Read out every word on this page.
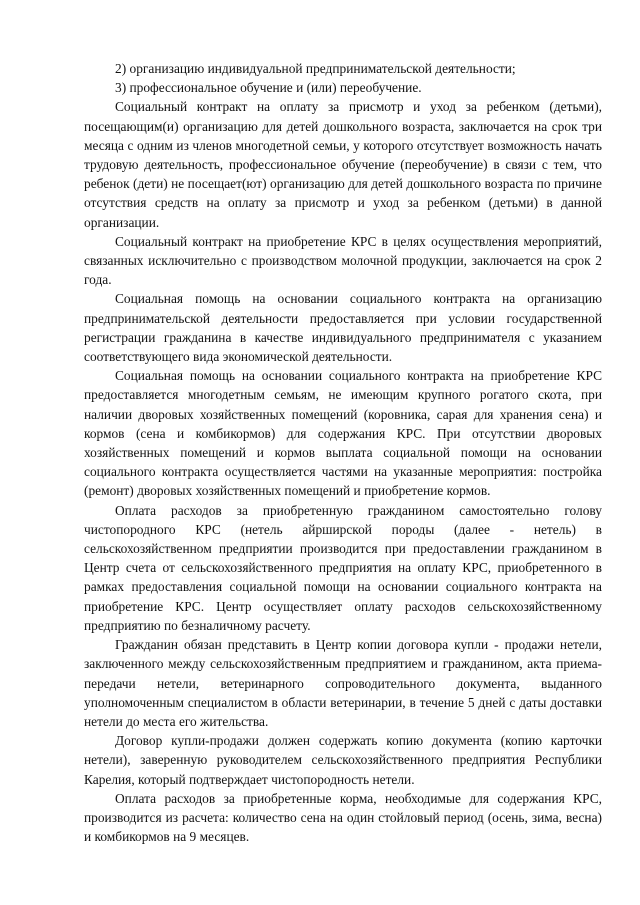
2) организацию индивидуальной предпринимательской деятельности;

3) профессиональное обучение и (или) переобучение.

Социальный контракт на оплату за присмотр и уход за ребенком (детьми), посещающим(и) организацию для детей дошкольного возраста, заключается на срок три месяца с одним из членов многодетной семьи, у которого отсутствует возможность начать трудовую деятельность, профессиональное обучение (переобучение) в связи с тем, что ребенок (дети) не посещает(ют) организацию для детей дошкольного возраста по причине отсутствия средств на оплату за присмотр и уход за ребенком (детьми) в данной организации.

Социальный контракт на приобретение КРС в целях осуществления мероприятий, связанных исключительно с производством молочной продукции, заключается на срок 2 года.

Социальная помощь на основании социального контракта на организацию предпринимательской деятельности предоставляется при условии государственной регистрации гражданина в качестве индивидуального предпринимателя с указанием соответствующего вида экономической деятельности.

Социальная помощь на основании социального контракта на приобретение КРС предоставляется многодетным семьям, не имеющим крупного рогатого скота, при наличии дворовых хозяйственных помещений (коровника, сарая для хранения сена) и кормов (сена и комбикормов) для содержания КРС. При отсутствии дворовых хозяйственных помещений и кормов выплата социальной помощи на основании социального контракта осуществляется частями на указанные мероприятия: постройка (ремонт) дворовых хозяйственных помещений и приобретение кормов.

Оплата расходов за приобретенную гражданином самостоятельно голову чистопородного КРС (нетель айрширской породы (далее - нетель) в сельскохозяйственном предприятии производится при предоставлении гражданином в Центр счета от сельскохозяйственного предприятия на оплату КРС, приобретенного в рамках предоставления социальной помощи на основании социального контракта на приобретение КРС. Центр осуществляет оплату расходов сельскохозяйственному предприятию по безналичному расчету.

Гражданин обязан представить в Центр копии договора купли - продажи нетели, заключенного между сельскохозяйственным предприятием и гражданином, акта приема-передачи нетели, ветеринарного сопроводительного документа, выданного уполномоченным специалистом в области ветеринарии, в течение 5 дней с даты доставки нетели до места его жительства.

Договор купли-продажи должен содержать копию документа (копию карточки нетели), заверенную руководителем сельскохозяйственного предприятия Республики Карелия, который подтверждает чистопородность нетели.

Оплата расходов за приобретенные корма, необходимые для содержания КРС, производится из расчета: количество сена на один стойловый период (осень, зима, весна) и комбикормов на 9 месяцев.
